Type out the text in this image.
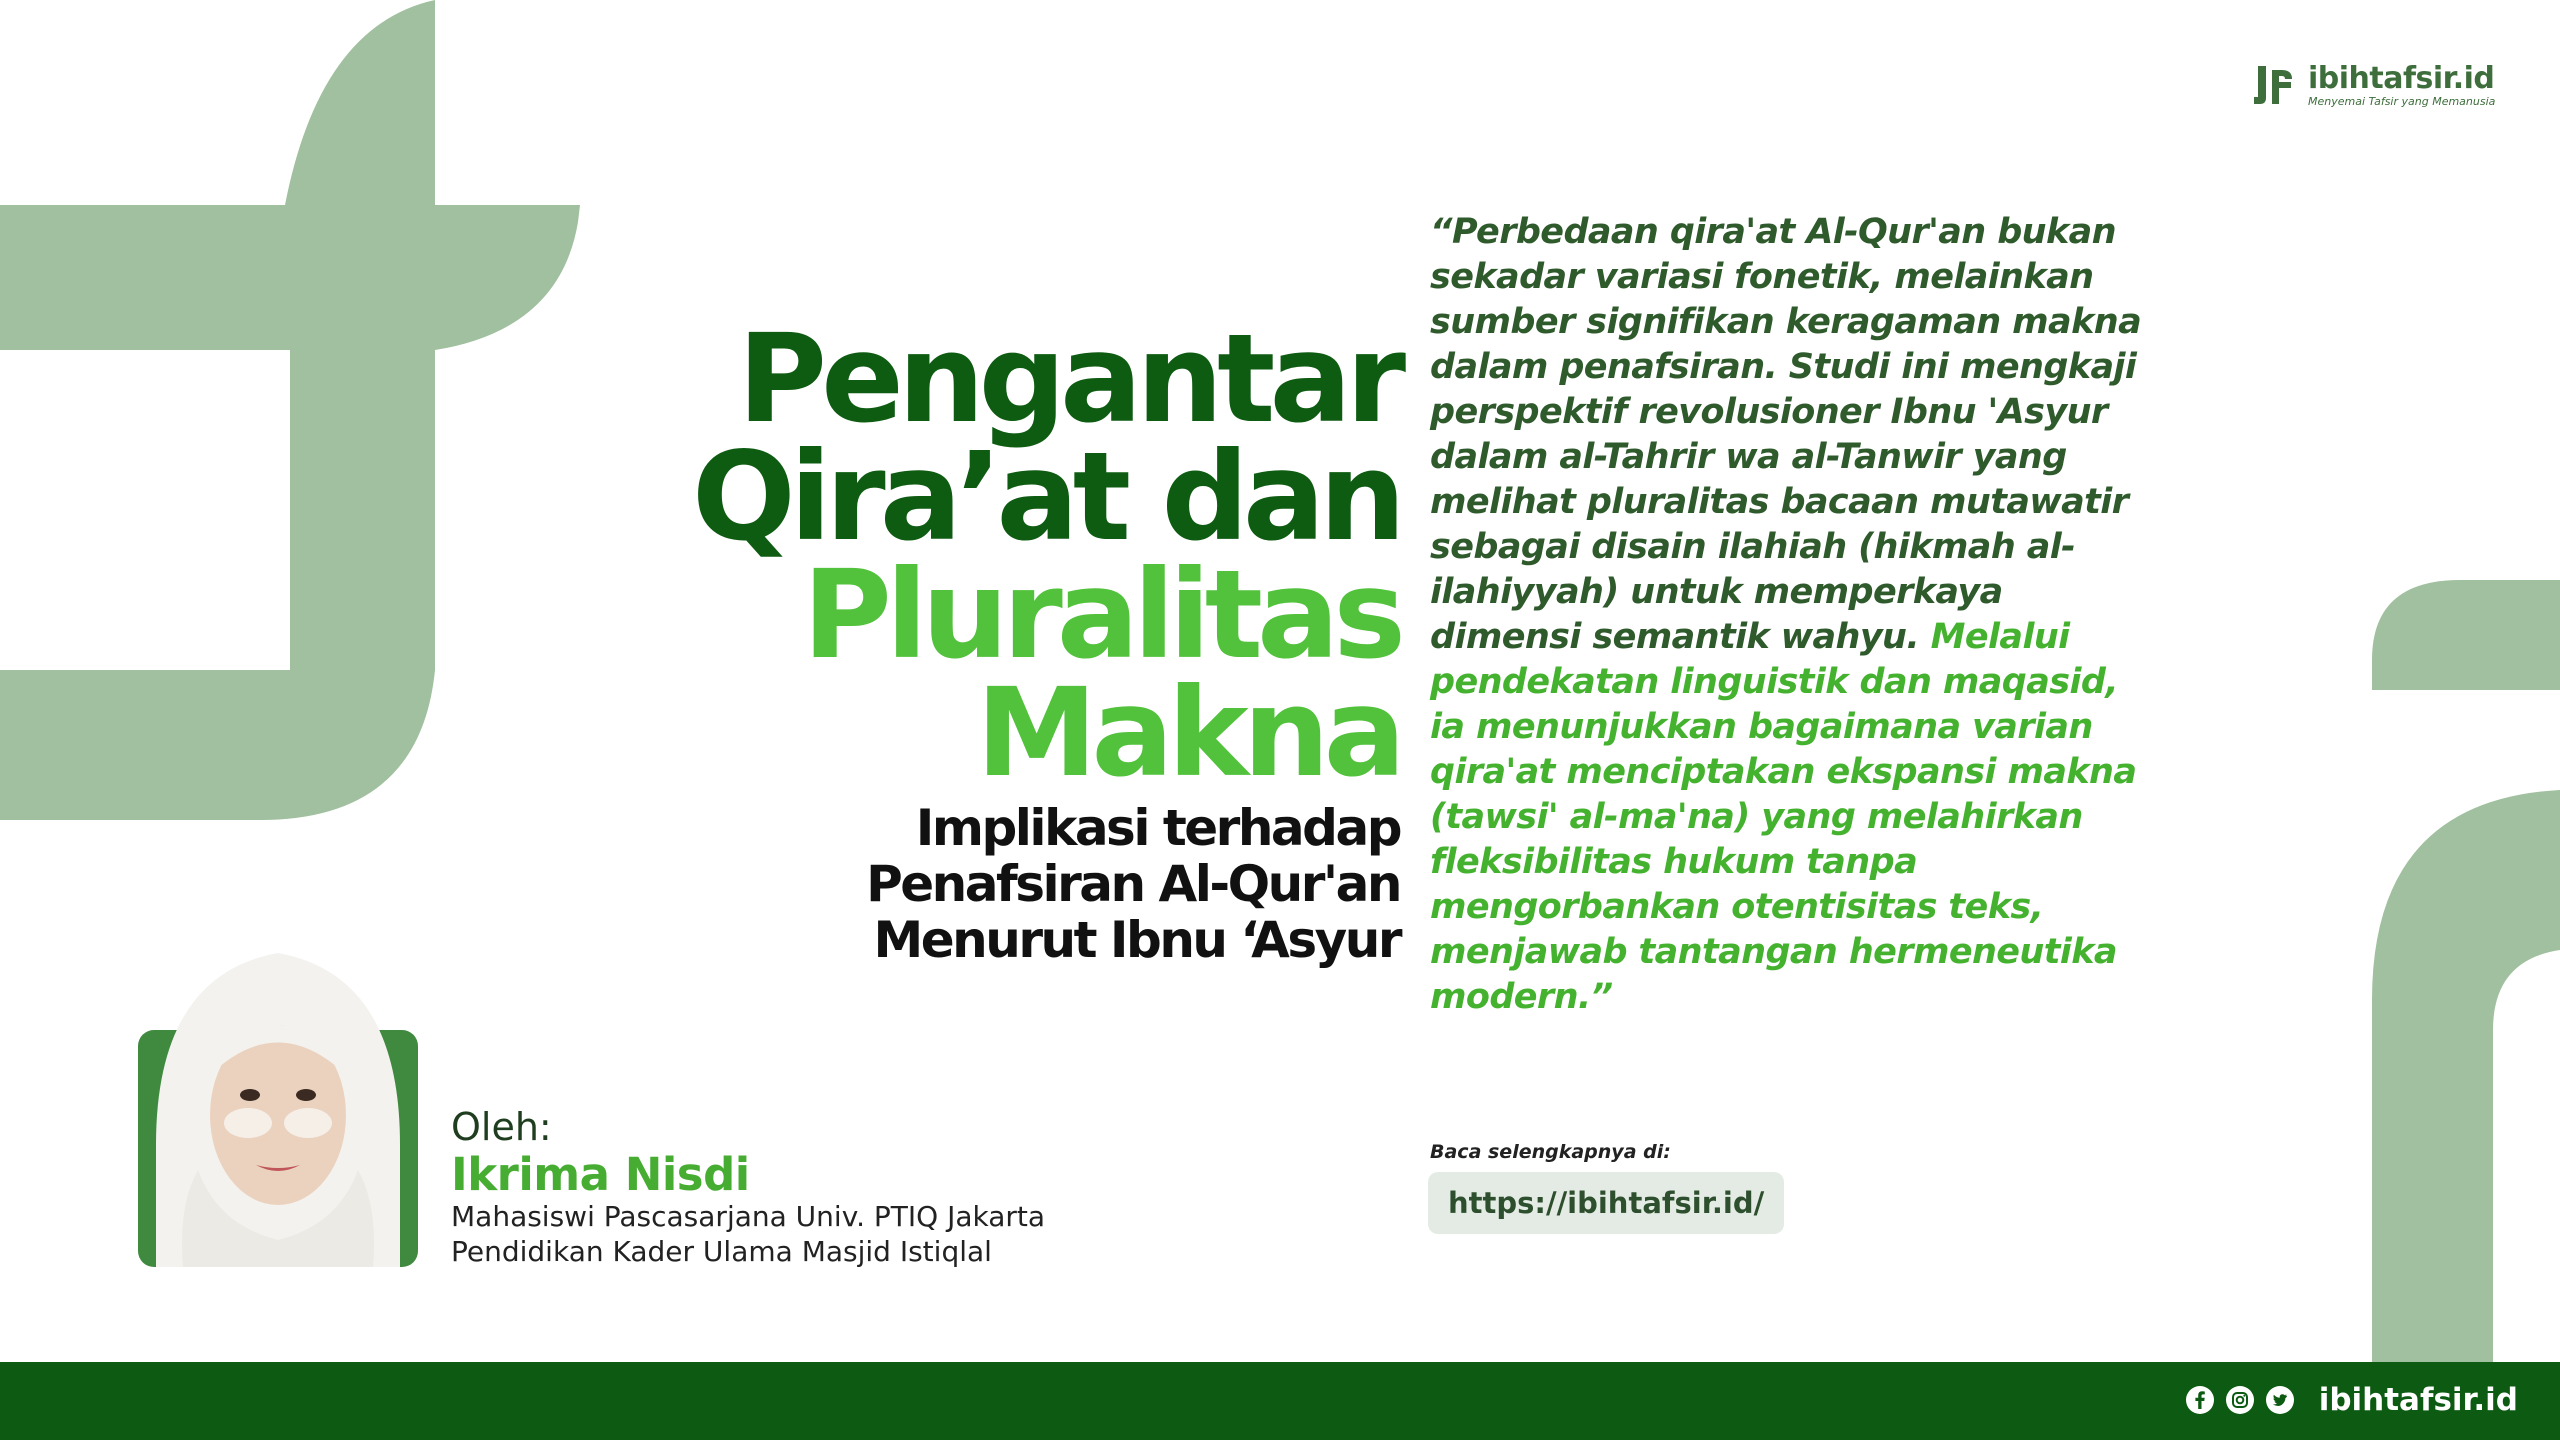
ibihtafsir.id
Menyemai Tafsir yang Memanusia
Pengantar
Qira’at dan
Pluralitas
Makna
Implikasi terhadap
Penafsiran Al-Qur'an
Menurut Ibnu ‘Asyur
“Perbedaan qira'at Al-Qur'an bukan sekadar variasi fonetik, melainkan sumber signifikan keragaman makna dalam penafsiran. Studi ini mengkaji perspektif revolusioner Ibnu 'Asyur dalam al-Tahrir wa al-Tanwir yang melihat pluralitas bacaan mutawatir sebagai disain ilahiah (hikmah al-ilahiyyah) untuk memperkaya dimensi semantik wahyu. Melalui pendekatan linguistik dan maqasid, ia menunjukkan bagaimana varian qira'at menciptakan ekspansi makna (tawsi' al-ma'na) yang melahirkan fleksibilitas hukum tanpa mengorbankan otentisitas teks, menjawab tantangan hermeneutika modern.”
Baca selengkapnya di:
https://ibihtafsir.id/
Oleh:
Ikrima Nisdi
Mahasiswi Pascasarjana Univ. PTIQ Jakarta
Pendidikan Kader Ulama Masjid Istiqlal
ibihtafsir.id
